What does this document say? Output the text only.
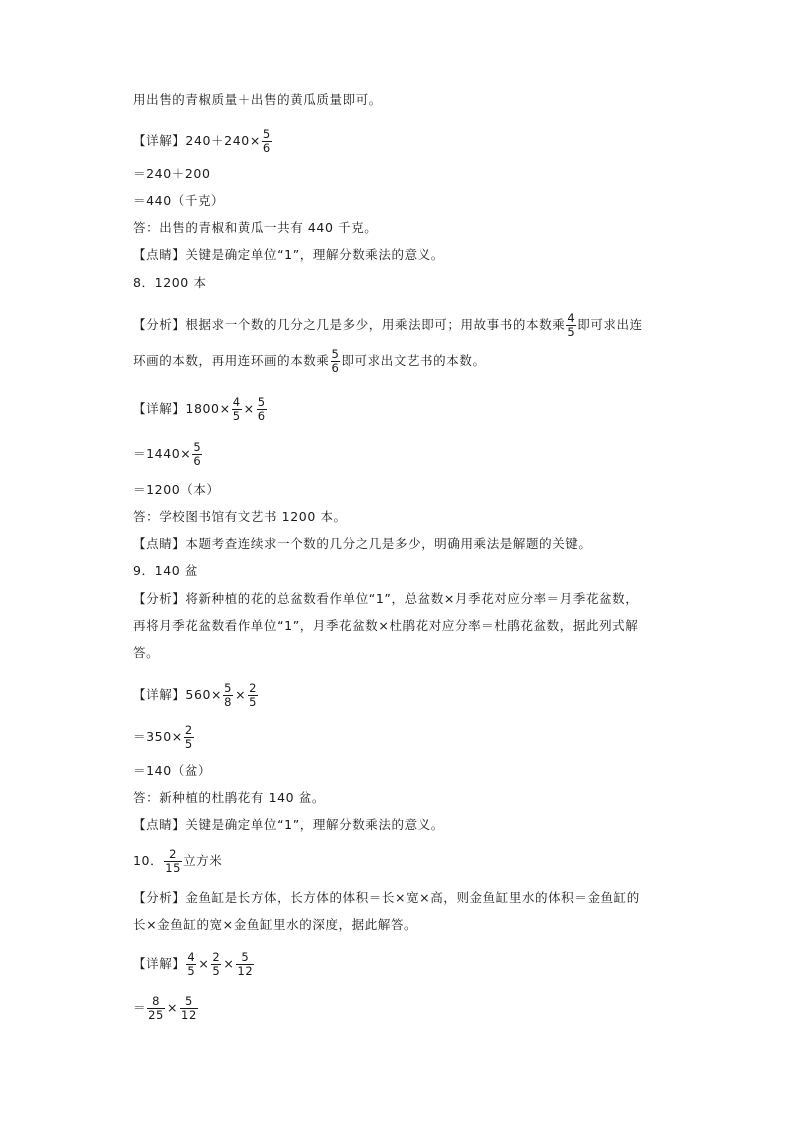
用出售的青椒质量＋出售的黄瓜质量即可。
【详解】$240+240\times \frac{5}{6}$
＝240＋200
＝440（千克）
答：出售的青椒和黄瓜一共有 440 千克。
【点睛】关键是确定单位“1”，理解分数乘法的意义。
8．1200 本
【分析】根据求一个数的几分之几是多少，用乘法即可；用故事书的本数乘 $\frac{4}{5}$ 即可求出连
环画的本数，再用连环画的本数乘 $\frac{5}{6}$ 即可求出文艺书的本数。
【详解】$1800\times \frac{4}{5} \times \frac{5}{6}$
$=1440\times \frac{5}{6}$
＝1200（本）
答：学校图书馆有文艺书 1200 本。
【点睛】本题考查连续求一个数的几分之几是多少，明确用乘法是解题的关键。
9．140 盆
【分析】将新种植的花的总盆数看作单位“1”，总盆数×月季花对应分率＝月季花盆数，
再将月季花盆数看作单位“1”，月季花盆数×杜鹃花对应分率＝杜鹃花盆数，据此列式解
答。
【详解】$560\times \frac{5}{8} \times \frac{2}{5}$
$=350\times \frac{2}{5}$
＝140（盆）
答：新种植的杜鹃花有 140 盆。
【点睛】关键是确定单位“1”，理解分数乘法的意义。
10． $\frac{2}{15}$ 立方米
【分析】金鱼缸是长方体，长方体的体积＝长×宽×高，则金鱼缸里水的体积＝金鱼缸的
长×金鱼缸的宽×金鱼缸里水的深度，据此解答。
【详解】 $\frac{4}{5} \times \frac{2}{5} \times \frac{5}{12}$
＝ $\frac{8}{25} \times \frac{5}{12}$
